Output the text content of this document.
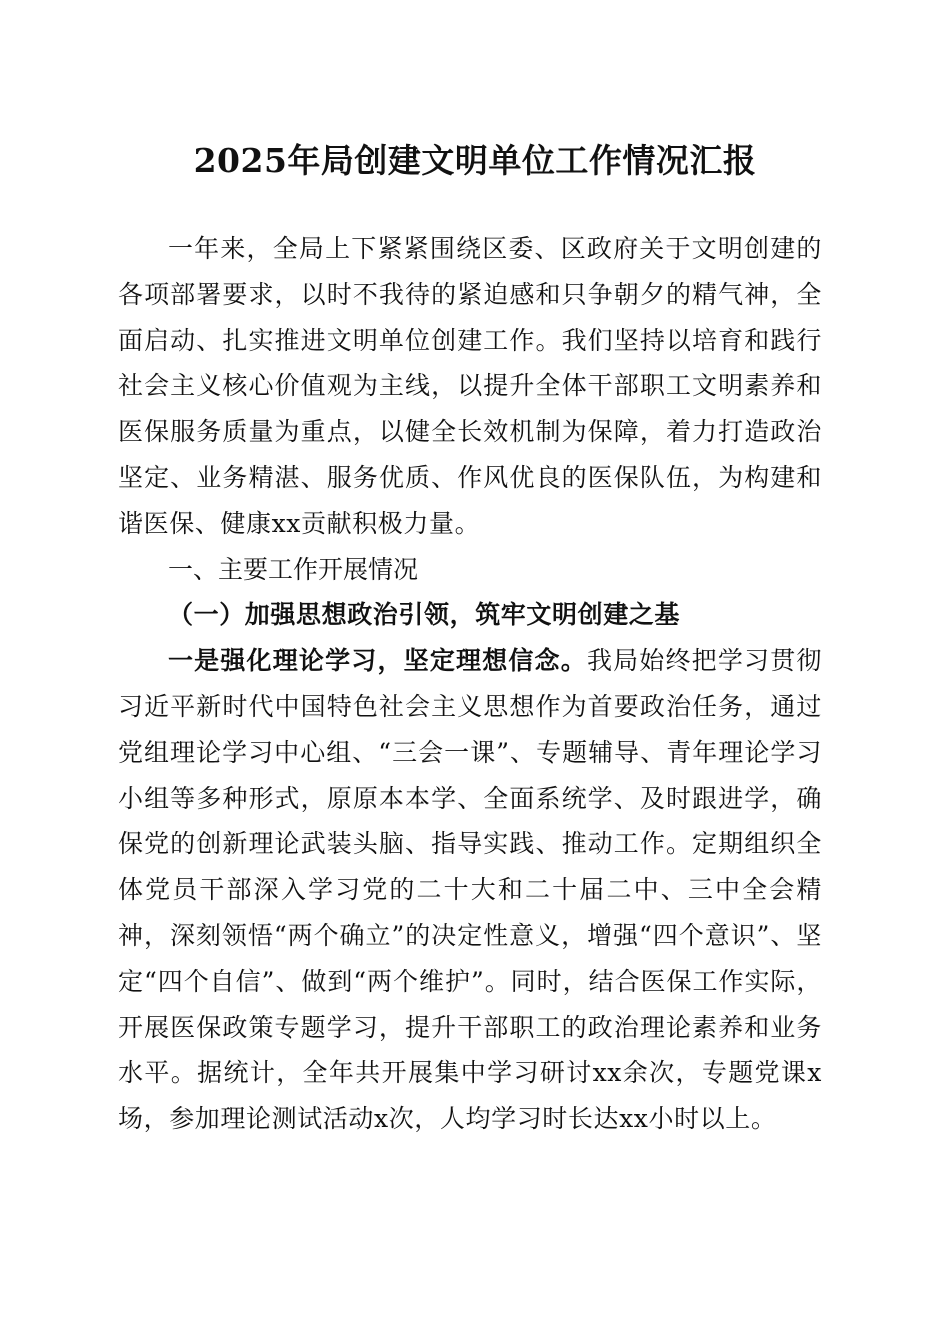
2025年局创建文明单位工作情况汇报

一年来，全局上下紧紧围绕区委、区政府关于文明创建的各项部署要求，以时不我待的紧迫感和只争朝夕的精气神，全面启动、扎实推进文明单位创建工作。我们坚持以培育和践行社会主义核心价值观为主线，以提升全体干部职工文明素养和医保服务质量为重点，以健全长效机制为保障，着力打造政治坚定、业务精湛、服务优质、作风优良的医保队伍，为构建和谐医保、健康xx贡献积极力量。

一、主要工作开展情况

（一）加强思想政治引领，筑牢文明创建之基

一是强化理论学习，坚定理想信念。我局始终把学习贯彻习近平新时代中国特色社会主义思想作为首要政治任务，通过党组理论学习中心组、“三会一课”、专题辅导、青年理论学习小组等多种形式，原原本本学、全面系统学、及时跟进学，确保党的创新理论武装头脑、指导实践、推动工作。定期组织全体党员干部深入学习党的二十大和二十届二中、三中全会精神，深刻领悟“两个确立”的决定性意义，增强“四个意识”、坚定“四个自信”、做到“两个维护”。同时，结合医保工作实际，开展医保政策专题学习，提升干部职工的政治理论素养和业务水平。据统计，全年共开展集中学习研讨xx余次，专题党课x场，参加理论测试活动x次，人均学习时长达xx小时以上。
